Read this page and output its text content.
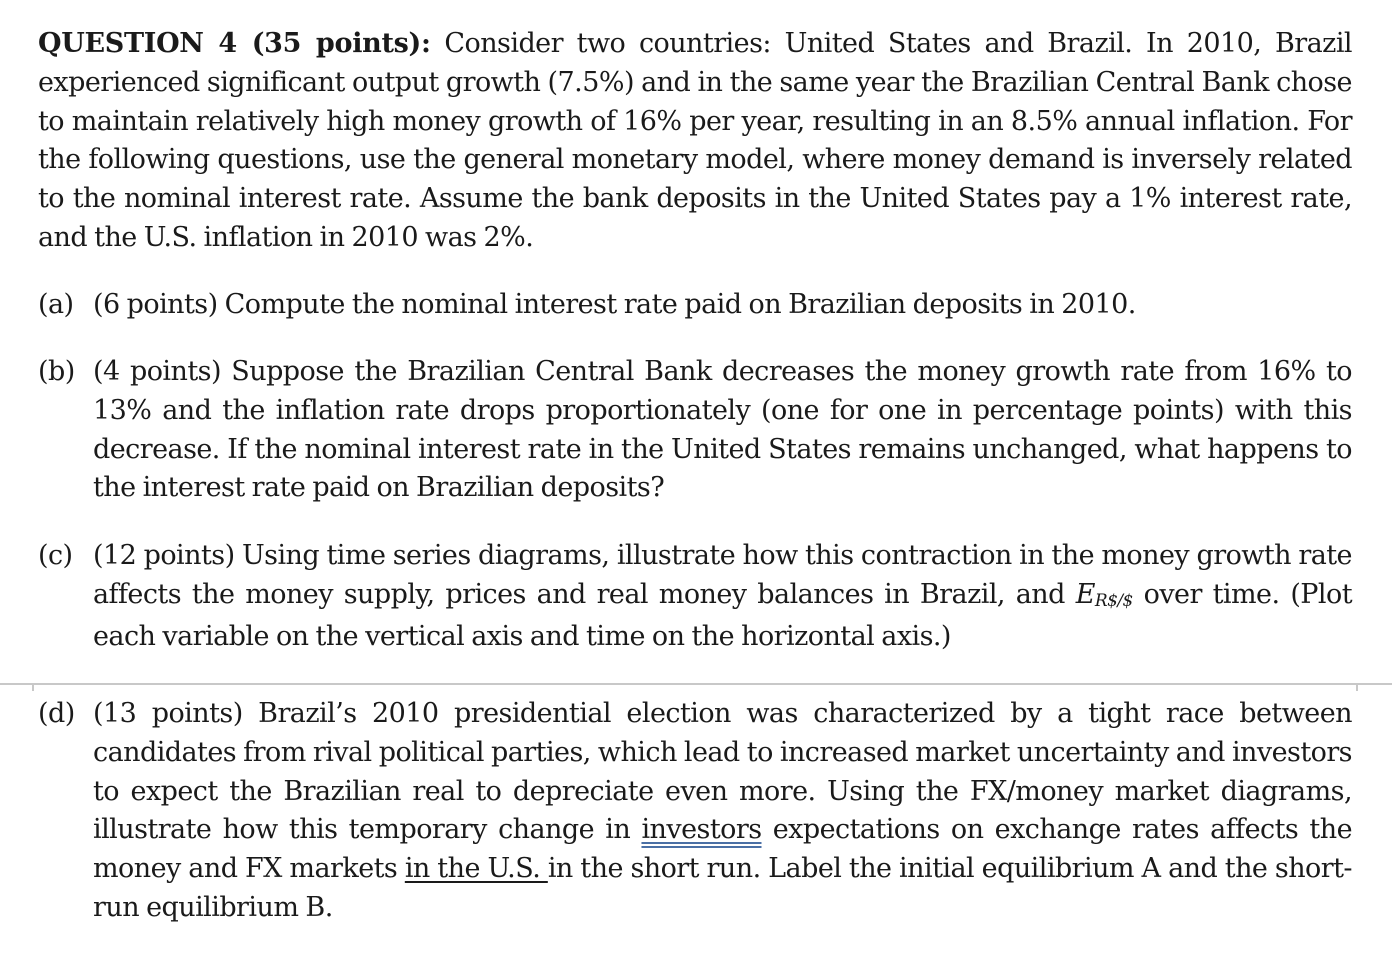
QUESTION 4 (35 points): Consider two countries: United States and Brazil. In 2010, Brazil experienced significant output growth (7.5%) and in the same year the Brazilian Central Bank chose to maintain relatively high money growth of 16% per year, resulting in an 8.5% annual inflation. For the following questions, use the general monetary model, where money demand is inversely related to the nominal interest rate. Assume the bank deposits in the United States pay a 1% interest rate, and the U.S. inflation in 2010 was 2%.

(a) (6 points) Compute the nominal interest rate paid on Brazilian deposits in 2010.
(b) (4 points) Suppose the Brazilian Central Bank decreases the money growth rate from 16% to 13% and the inflation rate drops proportionately (one for one in percentage points) with this decrease. If the nominal interest rate in the United States remains unchanged, what happens to the interest rate paid on Brazilian deposits?
(c) (12 points) Using time series diagrams, illustrate how this contraction in the money growth rate affects the money supply, prices and real money balances in Brazil, and ER$/$ over time. (Plot each variable on the vertical axis and time on the horizontal axis.)
(d) (13 points) Brazil’s 2010 presidential election was characterized by a tight race between candidates from rival political parties, which lead to increased market uncertainty and investors to expect the Brazilian real to depreciate even more. Using the FX/money market diagrams, illustrate how this temporary change in investors expectations on exchange rates affects the money and FX markets in the U.S. in the short run. Label the initial equilibrium A and the short-run equilibrium B.
